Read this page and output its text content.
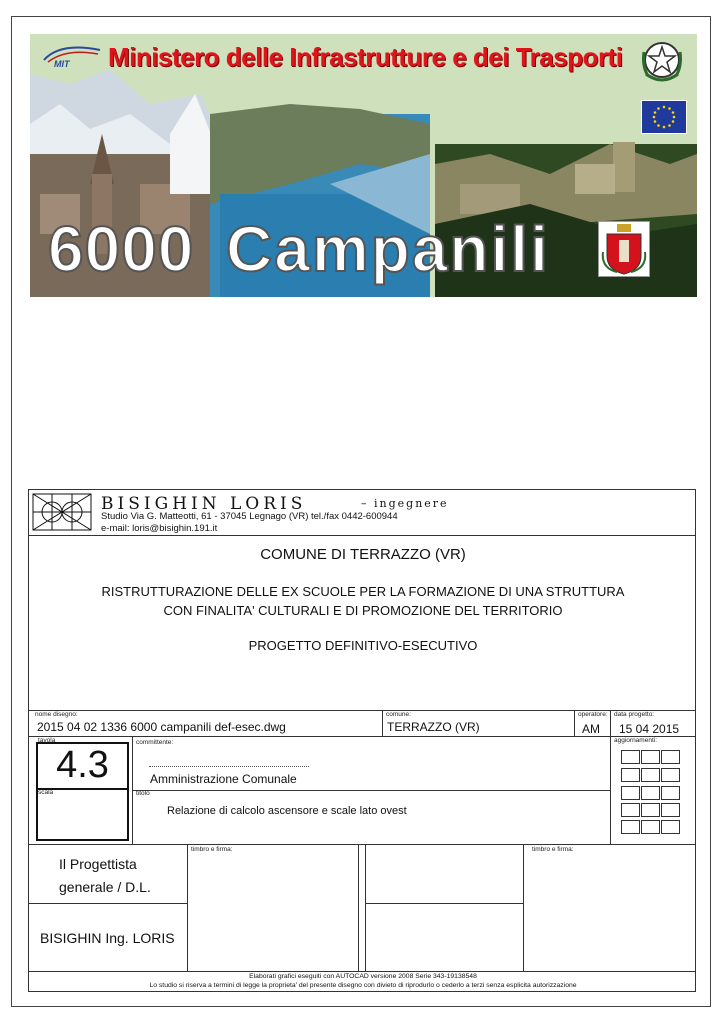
MIT Ministero delle Infrastrutture e dei Trasporti
6000 Campanili
BISIGHIN LORIS	– ingegnere
Studio Via G. Matteotti, 61 - 37045 Legnago (VR) tel./fax 0442-600944
e-mail: loris@bisighin.191.it
COMUNE DI TERRAZZO (VR)
RISTRUTTURAZIONE DELLE EX SCUOLE PER LA FORMAZIONE DI UNA STRUTTURA
CON FINALITA' CULTURALI E DI PROMOZIONE DEL TERRITORIO
PROGETTO DEFINITIVO-ESECUTIVO
nome disegno:
2015 04 02 1336 6000 campanili def-esec.dwg
comune:
TERRAZZO (VR)
operatore:
AM
data progetto:
15 04 2015
tavola
4.3
scala
committente:
Amministrazione Comunale
titolo
Relazione di calcolo ascensore e scale lato ovest
aggiornamenti:
Il Progettista
generale / D.L.
BISIGHIN Ing. LORIS
timbro e firma:	timbro e firma:
Elaborati grafici eseguiti con AUTOCAD versione 2008 Serie 343-19138548
Lo studio si riserva a termini di legge la proprieta' del presente disegno con divieto di riprodurlo o cederlo a terzi senza esplicita autorizzazione
